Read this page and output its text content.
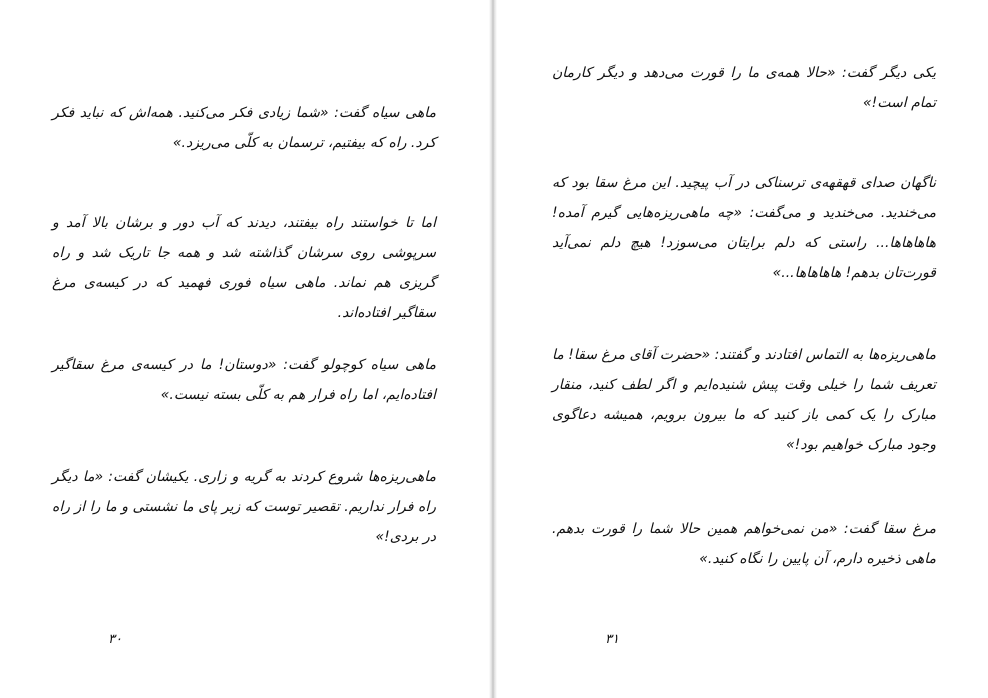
ماهی سیاه گفت: «شما زیادی فکر می‌کنید. همه‌اش که نباید فکر کرد. راه که بیفتیم، ترسمان به کلّی می‌ریزد.»

اما تا خواستند راه بیفتند، دیدند که آب دور و برشان بالا آمد و سرپوشی روی سرشان گذاشته شد و همه جا تاریک شد و راه گریزی هم نماند. ماهی سیاه فوری فهمید که در کیسه‌ی مرغ سقاگیر افتاده‌اند.

ماهی سیاه کوچولو گفت: «دوستان! ما در کیسه‌ی مرغ سقاگیر افتاده‌ایم، اما راه فرار هم به کلّی بسته نیست.»

ماهی‌ریزه‌ها شروع کردند به گریه و زاری. یکیشان گفت: «ما دیگر راه فرار نداریم. تقصیر توست که زیر پای ما نشستی و ما را از راه در بردی!»

۳۰

یکی دیگر گفت: «حالا همه‌ی ما را قورت می‌دهد و دیگر کارمان تمام است!»

ناگهان صدای قهقهه‌ی ترسناکی در آب پیچید. این مرغ سقا بود که می‌خندید. می‌خندید و می‌گفت: «چه ماهی‌ریزه‌هایی گیرم آمده! هاهاهاها... راستی که دلم برایتان می‌سوزد! هیچ دلم نمی‌آید قورت‌تان بدهم! هاهاهاها...»

ماهی‌ریزه‌ها به التماس افتادند و گفتند: «حضرت آقای مرغ سقا! ما تعریف شما را خیلی وقت پیش شنیده‌ایم و اگر لطف کنید، منقار مبارک را یک کمی باز کنید که ما بیرون برویم، همیشه دعاگوی وجود مبارک خواهیم بود!»

مرغ سقا گفت: «من نمی‌خواهم همین حالا شما را قورت بدهم. ماهی ذخیره دارم، آن پایین را نگاه کنید.»

۳۱
